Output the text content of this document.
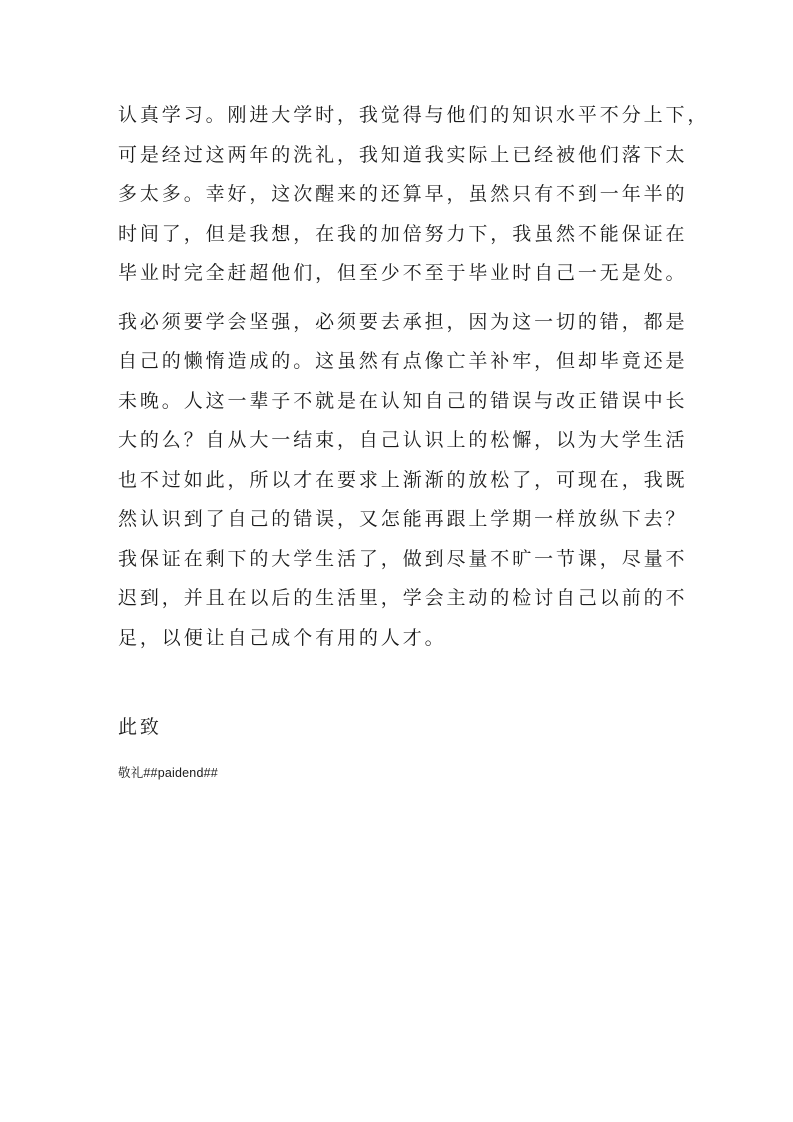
认真学习。刚进大学时，我觉得与他们的知识水平不分上下，
可是经过这两年的洗礼，我知道我实际上已经被他们落下太
多太多。幸好，这次醒来的还算早，虽然只有不到一年半的
时间了，但是我想，在我的加倍努力下，我虽然不能保证在
毕业时完全赶超他们，但至少不至于毕业时自己一无是处。

我必须要学会坚强，必须要去承担，因为这一切的错，都是
自己的懒惰造成的。这虽然有点像亡羊补牢，但却毕竟还是
未晚。人这一辈子不就是在认知自己的错误与改正错误中长
大的么？自从大一结束，自己认识上的松懈，以为大学生活
也不过如此，所以才在要求上渐渐的放松了，可现在，我既
然认识到了自己的错误，又怎能再跟上学期一样放纵下去？
我保证在剩下的大学生活了，做到尽量不旷一节课，尽量不
迟到，并且在以后的生活里，学会主动的检讨自己以前的不
足，以便让自己成个有用的人才。

此致
敬礼##paidend##
